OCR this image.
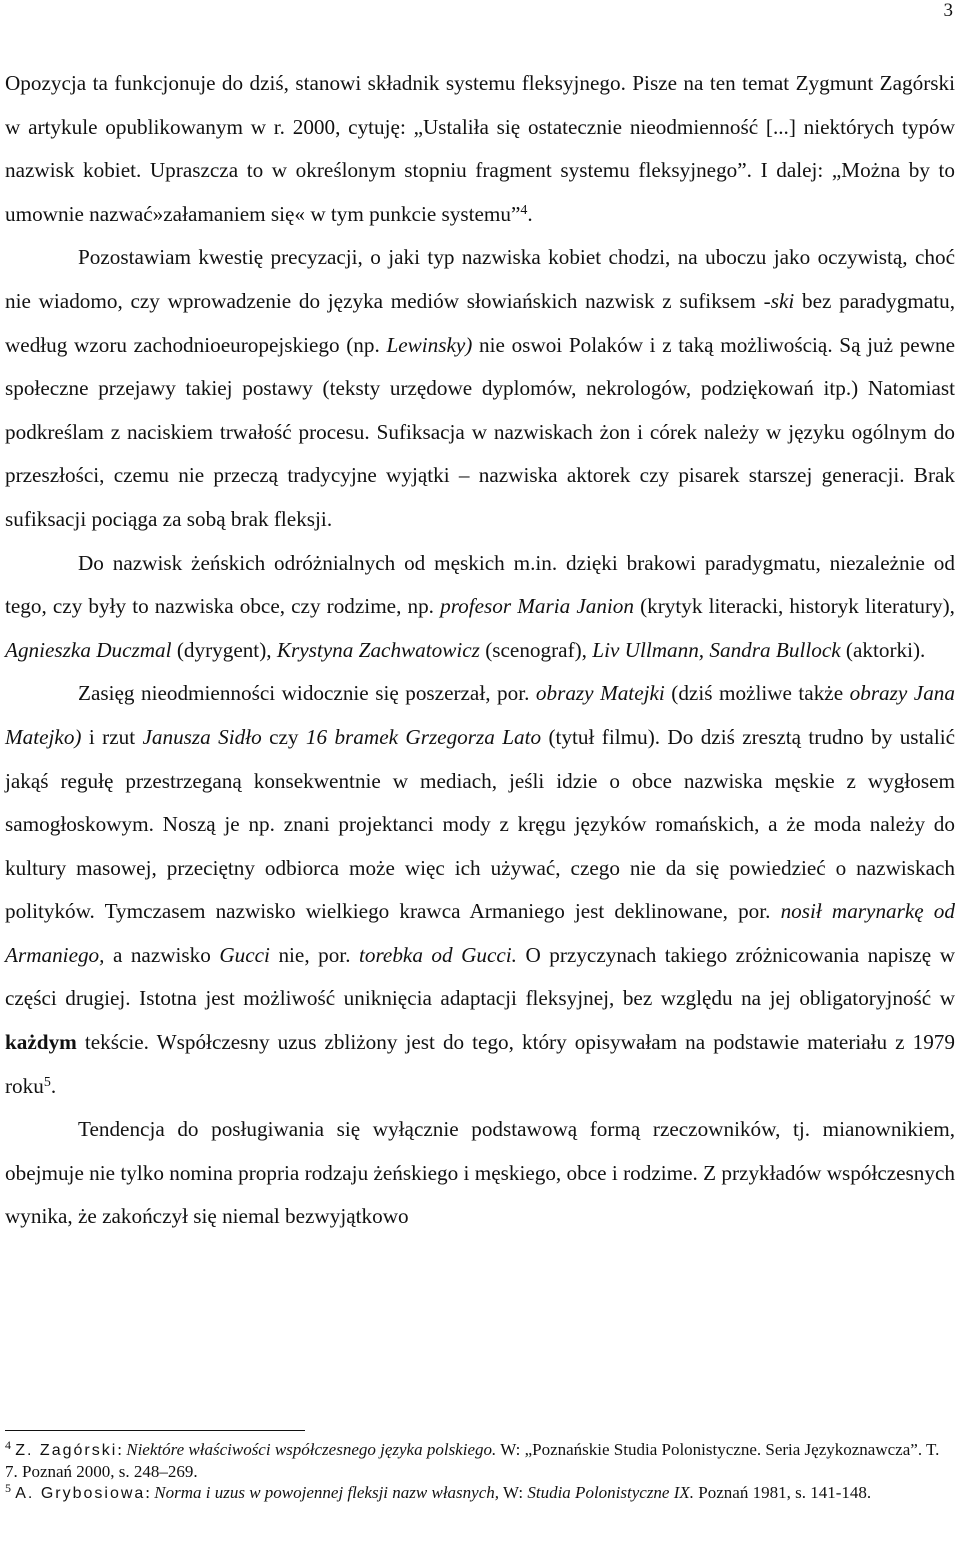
3

Opozycja ta funkcjonuje do dziś, stanowi składnik systemu fleksyjnego. Pisze na ten temat Zygmunt Zagórski w artykule opublikowanym w r. 2000, cytuję: „Ustaliła się ostatecznie nieodmienność [...] niektórych typów nazwisk kobiet. Upraszcza to w określonym stopniu fragment systemu fleksyjnego”. I dalej: „Można by to umownie nazwać»załamaniem się« w tym punkcie systemu”$^4$.

Pozostawiam kwestię precyzacji, o jaki typ nazwiska kobiet chodzi, na uboczu jako oczywistą, choć nie wiadomo, czy wprowadzenie do języka mediów słowiańskich nazwisk z sufiksem -ski bez paradygmatu, według wzoru zachodnioeuropejskiego (np. Lewinsky) nie oswoi Polaków i z taką możliwością. Są już pewne społeczne przejawy takiej postawy (teksty urzędowe dyplomów, nekrologów, podziękowań itp.) Natomiast podkreślam z naciskiem trwałość procesu. Sufiksacja w nazwiskach żon i córek należy w języku ogólnym do przeszłości, czemu nie przeczą tradycyjne wyjątki – nazwiska aktorek czy pisarek starszej generacji. Brak sufiksacji pociąga za sobą brak fleksji.

Do nazwisk żeńskich odróżnialnych od męskich m.in. dzięki brakowi paradygmatu, niezależnie od tego, czy były to nazwiska obce, czy rodzime, np. profesor Maria Janion (krytyk literacki, historyk literatury), Agnieszka Duczmal (dyrygent), Krystyna Zachwatowicz (scenograf), Liv Ullmann, Sandra Bullock (aktorki).

Zasięg nieodmienności widocznie się poszerzał, por. obrazy Matejki (dziś możliwe także obrazy Jana Matejko) i rzut Janusza Sidło czy 16 bramek Grzegorza Lato (tytuł filmu). Do dziś zresztą trudno by ustalić jakąś regułę przestrzeganą konsekwentnie w mediach, jeśli idzie o obce nazwiska męskie z wygłosem samogłoskowym. Noszą je np. znani projektanci mody z kręgu języków romańskich, a że moda należy do kultury masowej, przeciętny odbiorca może więc ich używać, czego nie da się powiedzieć o nazwiskach polityków. Tymczasem nazwisko wielkiego krawca Armaniego jest deklinowane, por. nosił marynarkę od Armaniego, a nazwisko Gucci nie, por. torebka od Gucci. O przyczynach takiego zróżnicowania napiszę w części drugiej. Istotna jest możliwość uniknięcia adaptacji fleksyjnej, bez względu na jej obligatoryjność w każdym tekście. Współczesny uzus zbliżony jest do tego, który opisywałam na podstawie materiału z 1979 roku$^5$.

Tendencja do posługiwania się wyłącznie podstawową formą rzeczowników, tj. mianownikiem, obejmuje nie tylko nomina propria rodzaju żeńskiego i męskiego, obce i rodzime. Z przykładów współczesnych wynika, że zakończył się niemal bezwyjątkowo

$^4$ Z. Zagórski: Niektóre właściwości współczesnego języka polskiego. W: „Poznańskie Studia Polonistyczne. Seria Językoznawcza”. T. 7. Poznań 2000, s. 248–269.

$^5$ A. Grybosiowa: Norma i uzus w powojennej fleksji nazw własnych, W: Studia Polonistyczne IX. Poznań 1981, s. 141-148.
